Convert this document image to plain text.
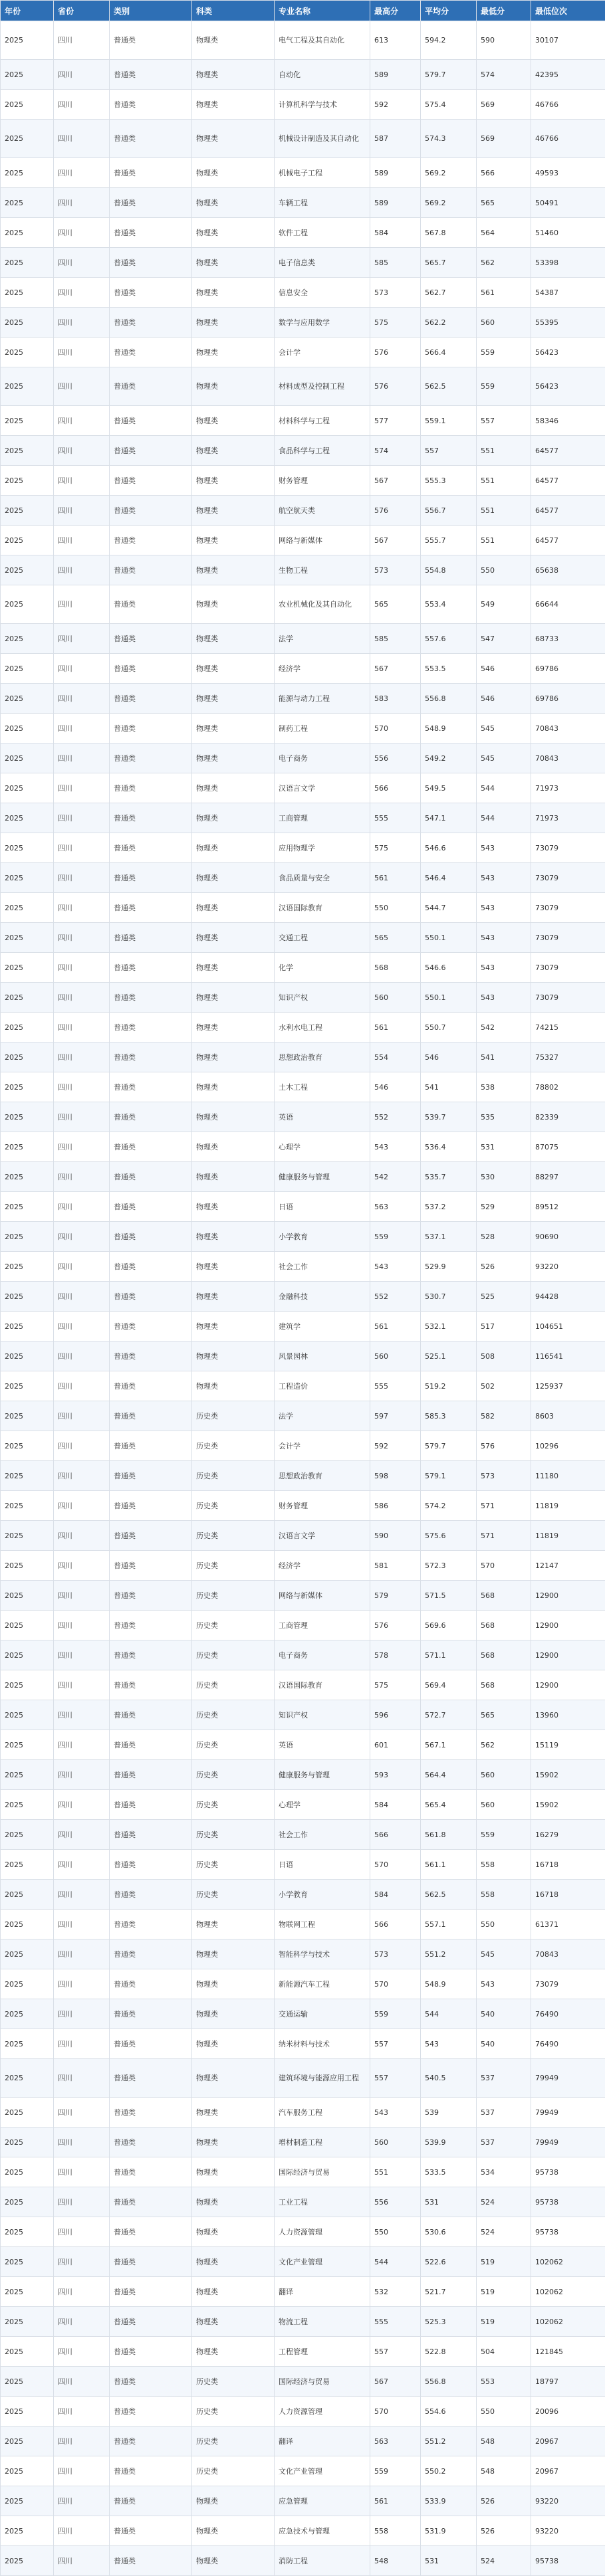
年份	省份	类别	科类	专业名称	最高分	平均分	最低分	最低位次
2025	四川	普通类	物理类	电气工程及其自动化	613	594.2	590	30107
2025	四川	普通类	物理类	自动化	589	579.7	574	42395
2025	四川	普通类	物理类	计算机科学与技术	592	575.4	569	46766
2025	四川	普通类	物理类	机械设计制造及其自动化	587	574.3	569	46766
2025	四川	普通类	物理类	机械电子工程	589	569.2	566	49593
2025	四川	普通类	物理类	车辆工程	589	569.2	565	50491
2025	四川	普通类	物理类	软件工程	584	567.8	564	51460
2025	四川	普通类	物理类	电子信息类	585	565.7	562	53398
2025	四川	普通类	物理类	信息安全	573	562.7	561	54387
2025	四川	普通类	物理类	数学与应用数学	575	562.2	560	55395
2025	四川	普通类	物理类	会计学	576	566.4	559	56423
2025	四川	普通类	物理类	材料成型及控制工程	576	562.5	559	56423
2025	四川	普通类	物理类	材料科学与工程	577	559.1	557	58346
2025	四川	普通类	物理类	食品科学与工程	574	557	551	64577
2025	四川	普通类	物理类	财务管理	567	555.3	551	64577
2025	四川	普通类	物理类	航空航天类	576	556.7	551	64577
2025	四川	普通类	物理类	网络与新媒体	567	555.7	551	64577
2025	四川	普通类	物理类	生物工程	573	554.8	550	65638
2025	四川	普通类	物理类	农业机械化及其自动化	565	553.4	549	66644
2025	四川	普通类	物理类	法学	585	557.6	547	68733
2025	四川	普通类	物理类	经济学	567	553.5	546	69786
2025	四川	普通类	物理类	能源与动力工程	583	556.8	546	69786
2025	四川	普通类	物理类	制药工程	570	548.9	545	70843
2025	四川	普通类	物理类	电子商务	556	549.2	545	70843
2025	四川	普通类	物理类	汉语言文学	566	549.5	544	71973
2025	四川	普通类	物理类	工商管理	555	547.1	544	71973
2025	四川	普通类	物理类	应用物理学	575	546.6	543	73079
2025	四川	普通类	物理类	食品质量与安全	561	546.4	543	73079
2025	四川	普通类	物理类	汉语国际教育	550	544.7	543	73079
2025	四川	普通类	物理类	交通工程	565	550.1	543	73079
2025	四川	普通类	物理类	化学	568	546.6	543	73079
2025	四川	普通类	物理类	知识产权	560	550.1	543	73079
2025	四川	普通类	物理类	水利水电工程	561	550.7	542	74215
2025	四川	普通类	物理类	思想政治教育	554	546	541	75327
2025	四川	普通类	物理类	土木工程	546	541	538	78802
2025	四川	普通类	物理类	英语	552	539.7	535	82339
2025	四川	普通类	物理类	心理学	543	536.4	531	87075
2025	四川	普通类	物理类	健康服务与管理	542	535.7	530	88297
2025	四川	普通类	物理类	日语	563	537.2	529	89512
2025	四川	普通类	物理类	小学教育	559	537.1	528	90690
2025	四川	普通类	物理类	社会工作	543	529.9	526	93220
2025	四川	普通类	物理类	金融科技	552	530.7	525	94428
2025	四川	普通类	物理类	建筑学	561	532.1	517	104651
2025	四川	普通类	物理类	风景园林	560	525.1	508	116541
2025	四川	普通类	物理类	工程造价	555	519.2	502	125937
2025	四川	普通类	历史类	法学	597	585.3	582	8603
2025	四川	普通类	历史类	会计学	592	579.7	576	10296
2025	四川	普通类	历史类	思想政治教育	598	579.1	573	11180
2025	四川	普通类	历史类	财务管理	586	574.2	571	11819
2025	四川	普通类	历史类	汉语言文学	590	575.6	571	11819
2025	四川	普通类	历史类	经济学	581	572.3	570	12147
2025	四川	普通类	历史类	网络与新媒体	579	571.5	568	12900
2025	四川	普通类	历史类	工商管理	576	569.6	568	12900
2025	四川	普通类	历史类	电子商务	578	571.1	568	12900
2025	四川	普通类	历史类	汉语国际教育	575	569.4	568	12900
2025	四川	普通类	历史类	知识产权	596	572.7	565	13960
2025	四川	普通类	历史类	英语	601	567.1	562	15119
2025	四川	普通类	历史类	健康服务与管理	593	564.4	560	15902
2025	四川	普通类	历史类	心理学	584	565.4	560	15902
2025	四川	普通类	历史类	社会工作	566	561.8	559	16279
2025	四川	普通类	历史类	日语	570	561.1	558	16718
2025	四川	普通类	历史类	小学教育	584	562.5	558	16718
2025	四川	普通类	物理类	物联网工程	566	557.1	550	61371
2025	四川	普通类	物理类	智能科学与技术	573	551.2	545	70843
2025	四川	普通类	物理类	新能源汽车工程	570	548.9	543	73079
2025	四川	普通类	物理类	交通运输	559	544	540	76490
2025	四川	普通类	物理类	纳米材料与技术	557	543	540	76490
2025	四川	普通类	物理类	建筑环境与能源应用工程	557	540.5	537	79949
2025	四川	普通类	物理类	汽车服务工程	543	539	537	79949
2025	四川	普通类	物理类	增材制造工程	560	539.9	537	79949
2025	四川	普通类	物理类	国际经济与贸易	551	533.5	534	95738
2025	四川	普通类	物理类	工业工程	556	531	524	95738
2025	四川	普通类	物理类	人力资源管理	550	530.6	524	95738
2025	四川	普通类	物理类	文化产业管理	544	522.6	519	102062
2025	四川	普通类	物理类	翻译	532	521.7	519	102062
2025	四川	普通类	物理类	物流工程	555	525.3	519	102062
2025	四川	普通类	物理类	工程管理	557	522.8	504	121845
2025	四川	普通类	历史类	国际经济与贸易	567	556.8	553	18797
2025	四川	普通类	历史类	人力资源管理	570	554.6	550	20096
2025	四川	普通类	历史类	翻译	563	551.2	548	20967
2025	四川	普通类	历史类	文化产业管理	559	550.2	548	20967
2025	四川	普通类	物理类	应急管理	561	533.9	526	93220
2025	四川	普通类	物理类	应急技术与管理	558	531.9	526	93220
2025	四川	普通类	物理类	消防工程	548	531	524	95738
